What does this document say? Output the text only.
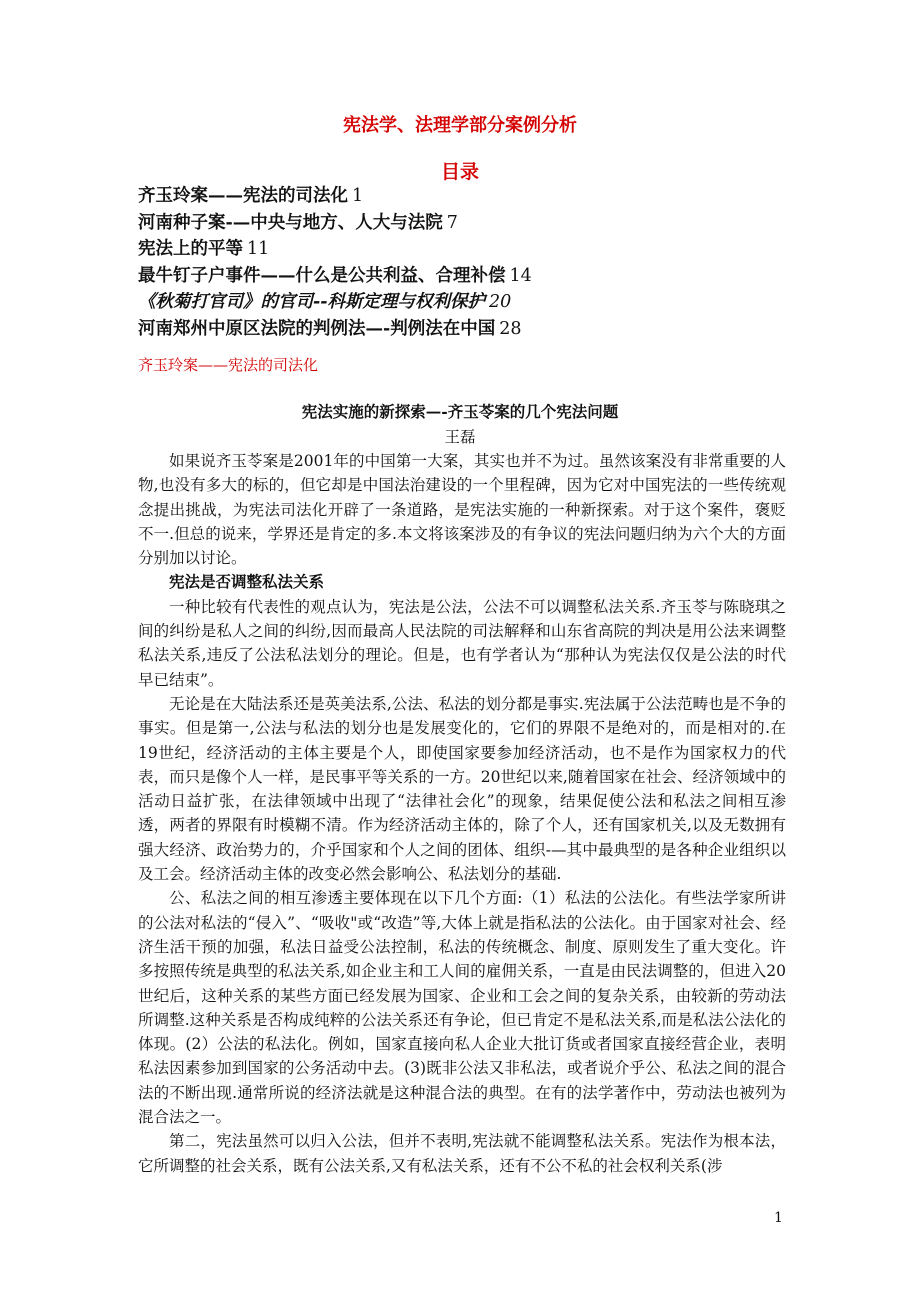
宪法学、法理学部分案例分析
目录
齐玉玲案——宪法的司法化 1
河南种子案-—中央与地方、人大与法院 7
宪法上的平等 11
最牛钉子户事件——什么是公共利益、合理补偿 14
《秋菊打官司》的官司--科斯定理与权利保护 20
河南郑州中原区法院的判例法—-判例法在中国 28
齐玉玲案——宪法的司法化
宪法实施的新探索—-齐玉苓案的几个宪法问题
王磊

如果说齐玉苓案是2001年的中国第一大案，其实也并不为过。虽然该案没有非常重要的人物,也没有多大的标的，但它却是中国法治建设的一个里程碑，因为它对中国宪法的一些传统观念提出挑战，为宪法司法化开辟了一条道路，是宪法实施的一种新探索。对于这个案件，褒贬不一.但总的说来，学界还是肯定的多.本文将该案涉及的有争议的宪法问题归纳为六个大的方面分别加以讨论。

宪法是否调整私法关系

一种比较有代表性的观点认为，宪法是公法，公法不可以调整私法关系.齐玉苓与陈晓琪之间的纠纷是私人之间的纠纷,因而最高人民法院的司法解释和山东省高院的判决是用公法来调整私法关系,违反了公法私法划分的理论。但是，也有学者认为“那种认为宪法仅仅是公法的时代早已结束”。

无论是在大陆法系还是英美法系,公法、私法的划分都是事实.宪法属于公法范畴也是不争的事实。但是第一,公法与私法的划分也是发展变化的，它们的界限不是绝对的，而是相对的.在19世纪，经济活动的主体主要是个人，即使国家要参加经济活动，也不是作为国家权力的代表，而只是像个人一样，是民事平等关系的一方。20世纪以来,随着国家在社会、经济领域中的活动日益扩张，在法律领域中出现了“法律社会化”的现象，结果促使公法和私法之间相互渗透，两者的界限有时模糊不清。作为经济活动主体的，除了个人，还有国家机关,以及无数拥有强大经济、政治势力的，介乎国家和个人之间的团体、组织-—其中最典型的是各种企业组织以及工会。经济活动主体的改变必然会影响公、私法划分的基础.

公、私法之间的相互渗透主要体现在以下几个方面:（1）私法的公法化。有些法学家所讲的公法对私法的“侵入”、“吸收"或“改造”等,大体上就是指私法的公法化。由于国家对社会、经济生活干预的加强，私法日益受公法控制，私法的传统概念、制度、原则发生了重大变化。许多按照传统是典型的私法关系,如企业主和工人间的雇佣关系，一直是由民法调整的，但进入20世纪后，这种关系的某些方面已经发展为国家、企业和工会之间的复杂关系，由较新的劳动法所调整.这种关系是否构成纯粹的公法关系还有争论，但已肯定不是私法关系,而是私法公法化的体现。(2）公法的私法化。例如，国家直接向私人企业大批订货或者国家直接经营企业，表明私法因素参加到国家的公务活动中去。(3)既非公法又非私法，或者说介乎公、私法之间的混合法的不断出现.通常所说的经济法就是这种混合法的典型。在有的法学著作中，劳动法也被列为混合法之一。

第二，宪法虽然可以归入公法，但并不表明,宪法就不能调整私法关系。宪法作为根本法，它所调整的社会关系，既有公法关系,又有私法关系，还有不公不私的社会权利关系(涉

1
